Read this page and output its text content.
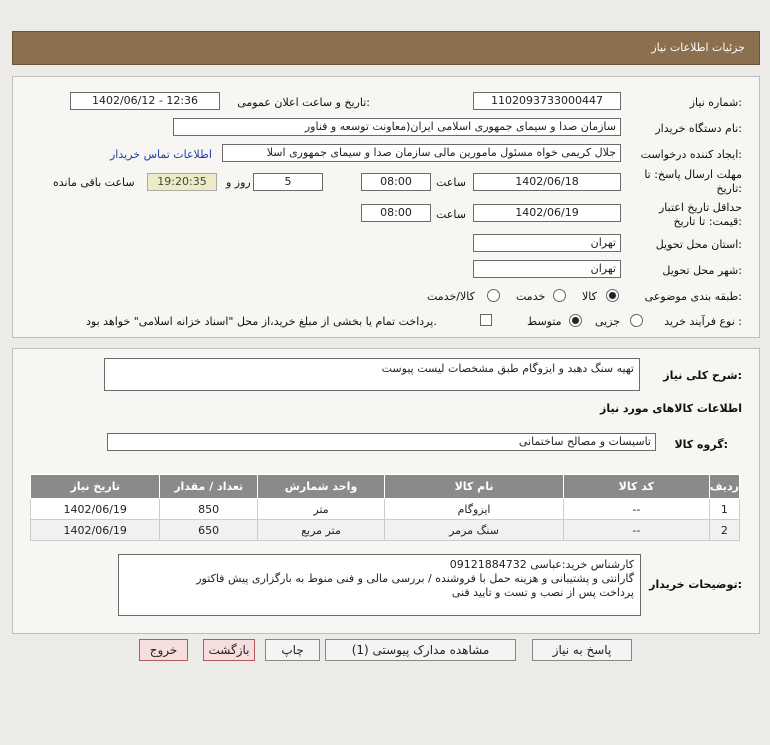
جزئیات اطلاعات نیاز
شماره نیاز:
1102093733000447
تاریخ و ساعت اعلان عمومی:
1402/06/12 - 12:36
نام دستگاه خریدار:
سازمان صدا و سیمای جمهوری اسلامی ایران(معاونت توسعه و فناور
ایجاد کننده درخواست:
جلال کریمی خواه مسئول مامورین مالی سازمان صدا و سیمای جمهوری اسلا
اطلاعات تماس خریدار
مهلت ارسال پاسخ: تا
تاریخ:
1402/06/18
ساعت
08:00
5
روز و
19:20:35
ساعت باقی مانده
حداقل تاریخ اعتبار
قیمت: تا تاریخ:
1402/06/19
ساعت
08:00
استان محل تحویل:
تهران
شهر محل تحویل:
تهران
طبقه بندی موضوعی:
کالا
خدمت
کالا/خدمت
نوع فرآیند خرید :
جزیی
متوسط
پرداخت تمام یا بخشی از مبلغ خرید،از محل "اسناد خزانه اسلامی" خواهد بود.
شرح کلی نیاز:
تهیه سنگ دهبد و ایزوگام طبق مشخصات لیست پیوست
اطلاعات کالاهای مورد نیاز
گروه کالا:
تاسیسات و مصالح ساختمانی
ردیف	کد کالا	نام کالا	واحد شمارش	تعداد / مقدار	تاریخ نیاز
1	--	ایزوگام	متر	850	1402/06/19
2	--	سنگ مرمر	متر مربع	650	1402/06/19
توضیحات خریدار:
کارشناس خرید:عباسی 09121884732
گارانتی و پشتیبانی و هزینه حمل با فروشنده / بررسی مالی و فنی منوط به بارگزاری پیش فاکتور
پرداخت پس از نصب و تست و تایید فنی
پاسخ به نیاز
مشاهده مدارک پیوستی (1)
چاپ
بازگشت
خروج
